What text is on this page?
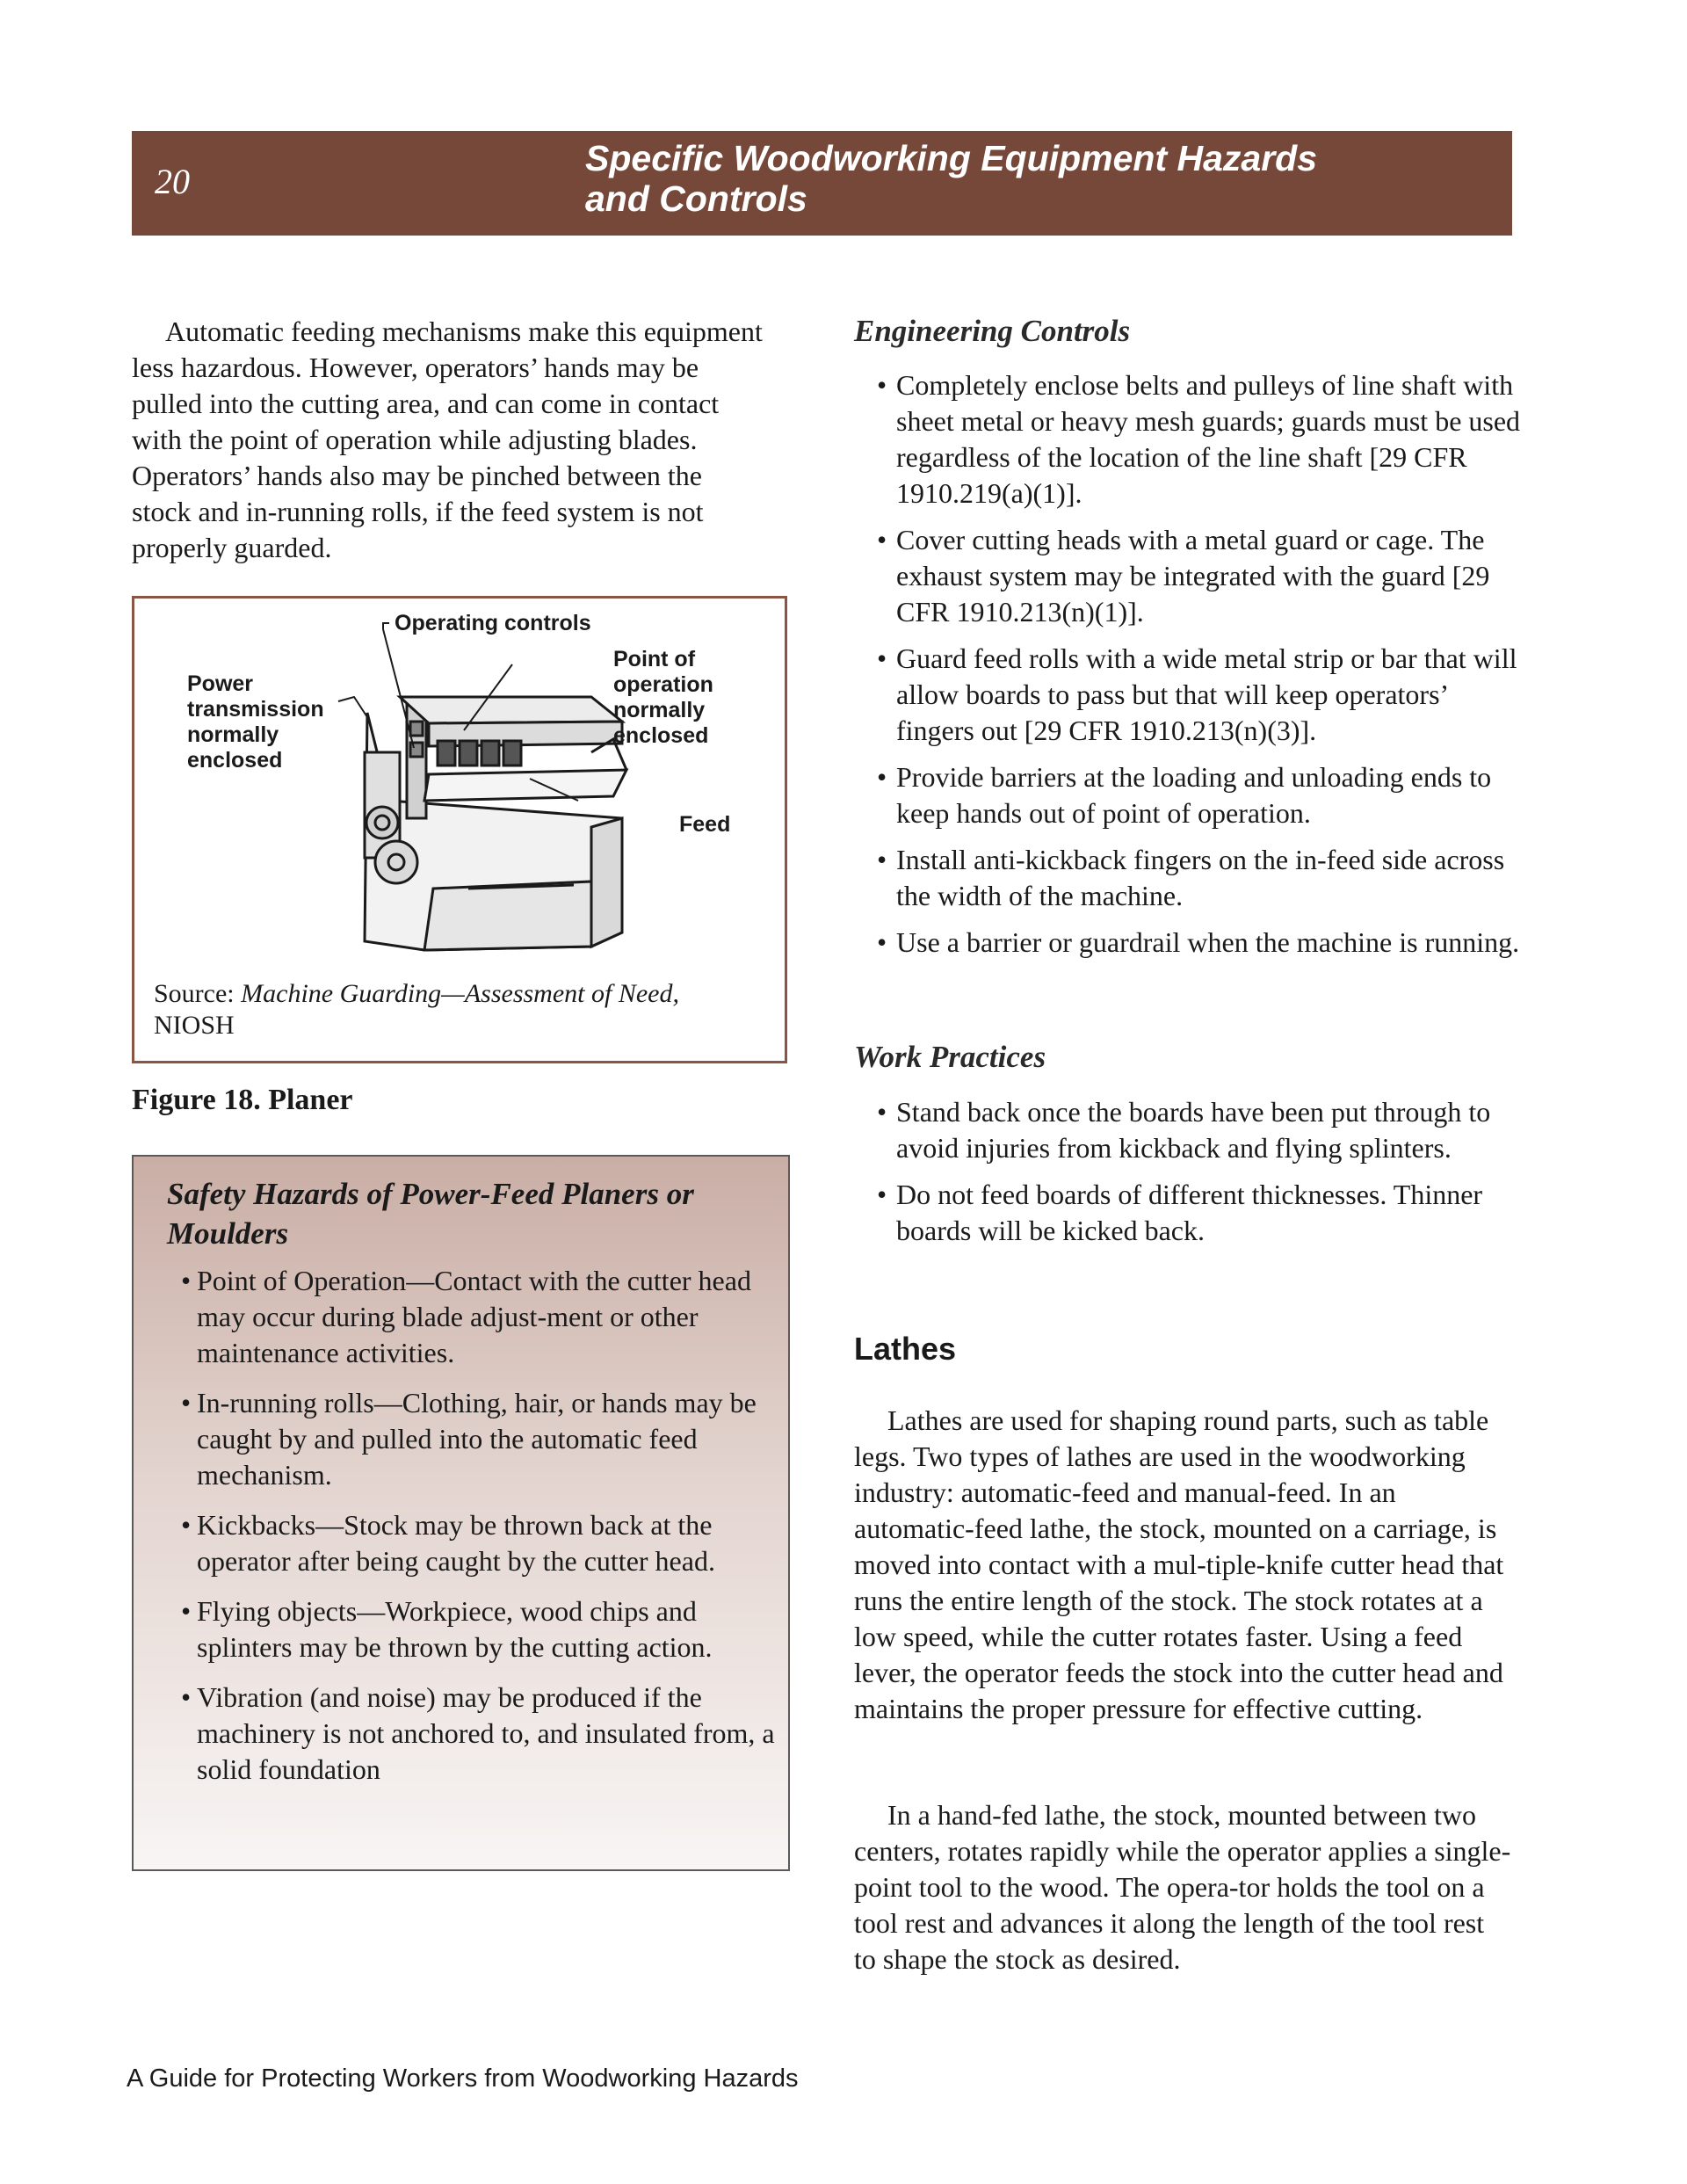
20
Specific Woodworking Equipment Hazards
and Controls

Automatic feeding mechanisms make this equipment less hazardous. However, operators’ hands may be pulled into the cutting area, and can come in contact with the point of operation while adjusting blades. Operators’ hands also may be pinched between the stock and in-running rolls, if the feed system is not properly guarded.

Operating controls
Power
transmission
normally
enclosed
Point of
operation
normally
enclosed
Feed
Source: Machine Guarding—Assessment of Need,
NIOSH
Figure 18. Planer

Safety Hazards of Power-Feed Planers or Moulders

• Point of Operation—Contact with the cutter head may occur during blade adjust-ment or other maintenance activities.
• In-running rolls—Clothing, hair, or hands may be caught by and pulled into the automatic feed mechanism.
• Kickbacks—Stock may be thrown back at the operator after being caught by the cutter head.
• Flying objects—Workpiece, wood chips and splinters may be thrown by the cutting action.
• Vibration (and noise) may be produced if the machinery is not anchored to, and insulated from, a solid foundation

Engineering Controls

• Completely enclose belts and pulleys of line shaft with sheet metal or heavy mesh guards; guards must be used regardless of the location of the line shaft [29 CFR 1910.219(a)(1)].
• Cover cutting heads with a metal guard or cage. The exhaust system may be integrated with the guard [29 CFR 1910.213(n)(1)].
• Guard feed rolls with a wide metal strip or bar that will allow boards to pass but that will keep operators’ fingers out [29 CFR 1910.213(n)(3)].
• Provide barriers at the loading and unloading ends to keep hands out of point of operation.
• Install anti-kickback fingers on the in-feed side across the width of the machine.
• Use a barrier or guardrail when the machine is running.

Work Practices

• Stand back once the boards have been put through to avoid injuries from kickback and flying splinters.
• Do not feed boards of different thicknesses. Thinner boards will be kicked back.
Lathes

Lathes are used for shaping round parts, such as table legs. Two types of lathes are used in the woodworking industry: automatic-feed and manual-feed. In an automatic-feed lathe, the stock, mounted on a carriage, is moved into contact with a mul-tiple-knife cutter head that runs the entire length of the stock. The stock rotates at a low speed, while the cutter rotates faster. Using a feed lever, the operator feeds the stock into the cutter head and maintains the proper pressure for effective cutting.

In a hand-fed lathe, the stock, mounted between two centers, rotates rapidly while the operator applies a single-point tool to the wood. The opera-tor holds the tool on a tool rest and advances it along the length of the tool rest to shape the stock as desired.

A Guide for Protecting Workers from Woodworking Hazards
